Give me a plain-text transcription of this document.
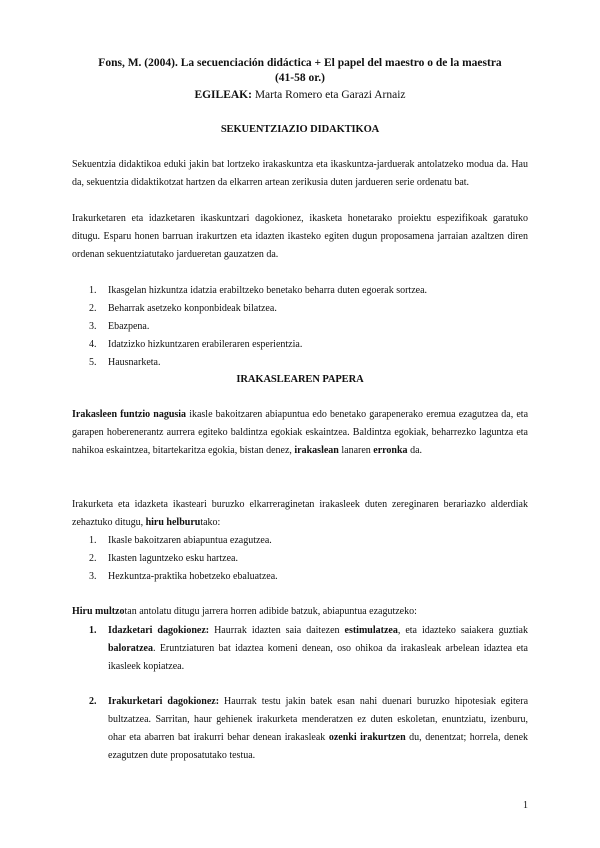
Fons, M. (2004). La secuenciación didáctica + El papel del maestro o de la maestra
(41-58 or.)
EGILEAK: Marta Romero eta Garazi Arnaiz
SEKUENTZIAZIO DIDAKTIKOA
Sekuentzia didaktikoa eduki jakin bat lortzeko irakaskuntza eta ikaskuntza-jarduerak antolatzeko modua da. Hau da, sekuentzia didaktikotzat hartzen da elkarren artean zerikusia duten jardueren serie ordenatu bat.
Irakurketaren eta idazketaren ikaskuntzari dagokionez, ikasketa honetarako proiektu espezifikoak garatuko ditugu. Esparu honen barruan irakurtzen eta idazten ikasteko egiten dugun proposamena jarraian azaltzen diren ordenan sekuentziatutako jardueretan gauzatzen da.
1. Ikasgelan hizkuntza idatzia erabiltzeko benetako beharra duten egoerak sortzea.
2. Beharrak asetzeko konponbideak bilatzea.
3. Ebazpena.
4. Idatzizko hizkuntzaren erabileraren esperientzia.
5. Hausnarketa.
IRAKASLEAREN PAPERA
Irakasleen funtzio nagusia ikasle bakoitzaren abiapuntua edo benetako garapenerako eremua ezagutzea da, eta garapen hoberenerantz aurrera egiteko baldintza egokiak eskaintzea. Baldintza egokiak, beharrezko laguntza eta nahikoa eskaintzea, bitartekaritza egokia, bistan denez, irakaslean lanaren erronka da.
Irakurketa eta idazketa ikasteari buruzko elkarreraginetan irakasleek duten zereginaren berariazko alderdiak zehaztuko ditugu, hiru helburutako:
1. Ikasle bakoitzaren abiapuntua ezagutzea.
2. Ikasten laguntzeko esku hartzea.
3. Hezkuntza-praktika hobetzeko ebaluatzea.
Hiru multzotan antolatu ditugu jarrera horren adibide batzuk, abiapuntua ezagutzeko:
1. Idazketari dagokionez: Haurrak idazten saia daitezen estimulatzea, eta idazteko saiakera guztiak baloratzea. Eruntziaturen bat idaztea komeni denean, oso ohikoa da irakasleak arbelean idaztea eta ikasleek kopiatzea.
2. Irakurketari dagokionez: Haurrak testu jakin batek esan nahi duenari buruzko hipotesiak egitera bultzatzea. Sarritan, haur gehienek irakurketa menderatzen ez duten eskoletan, enuntziatu, izenburu, ohar eta abarren bat irakurri behar denean irakasleak ozenki irakurtzen du, denentzat; horrela, denek ezagutzen dute proposatutako testua.
1
